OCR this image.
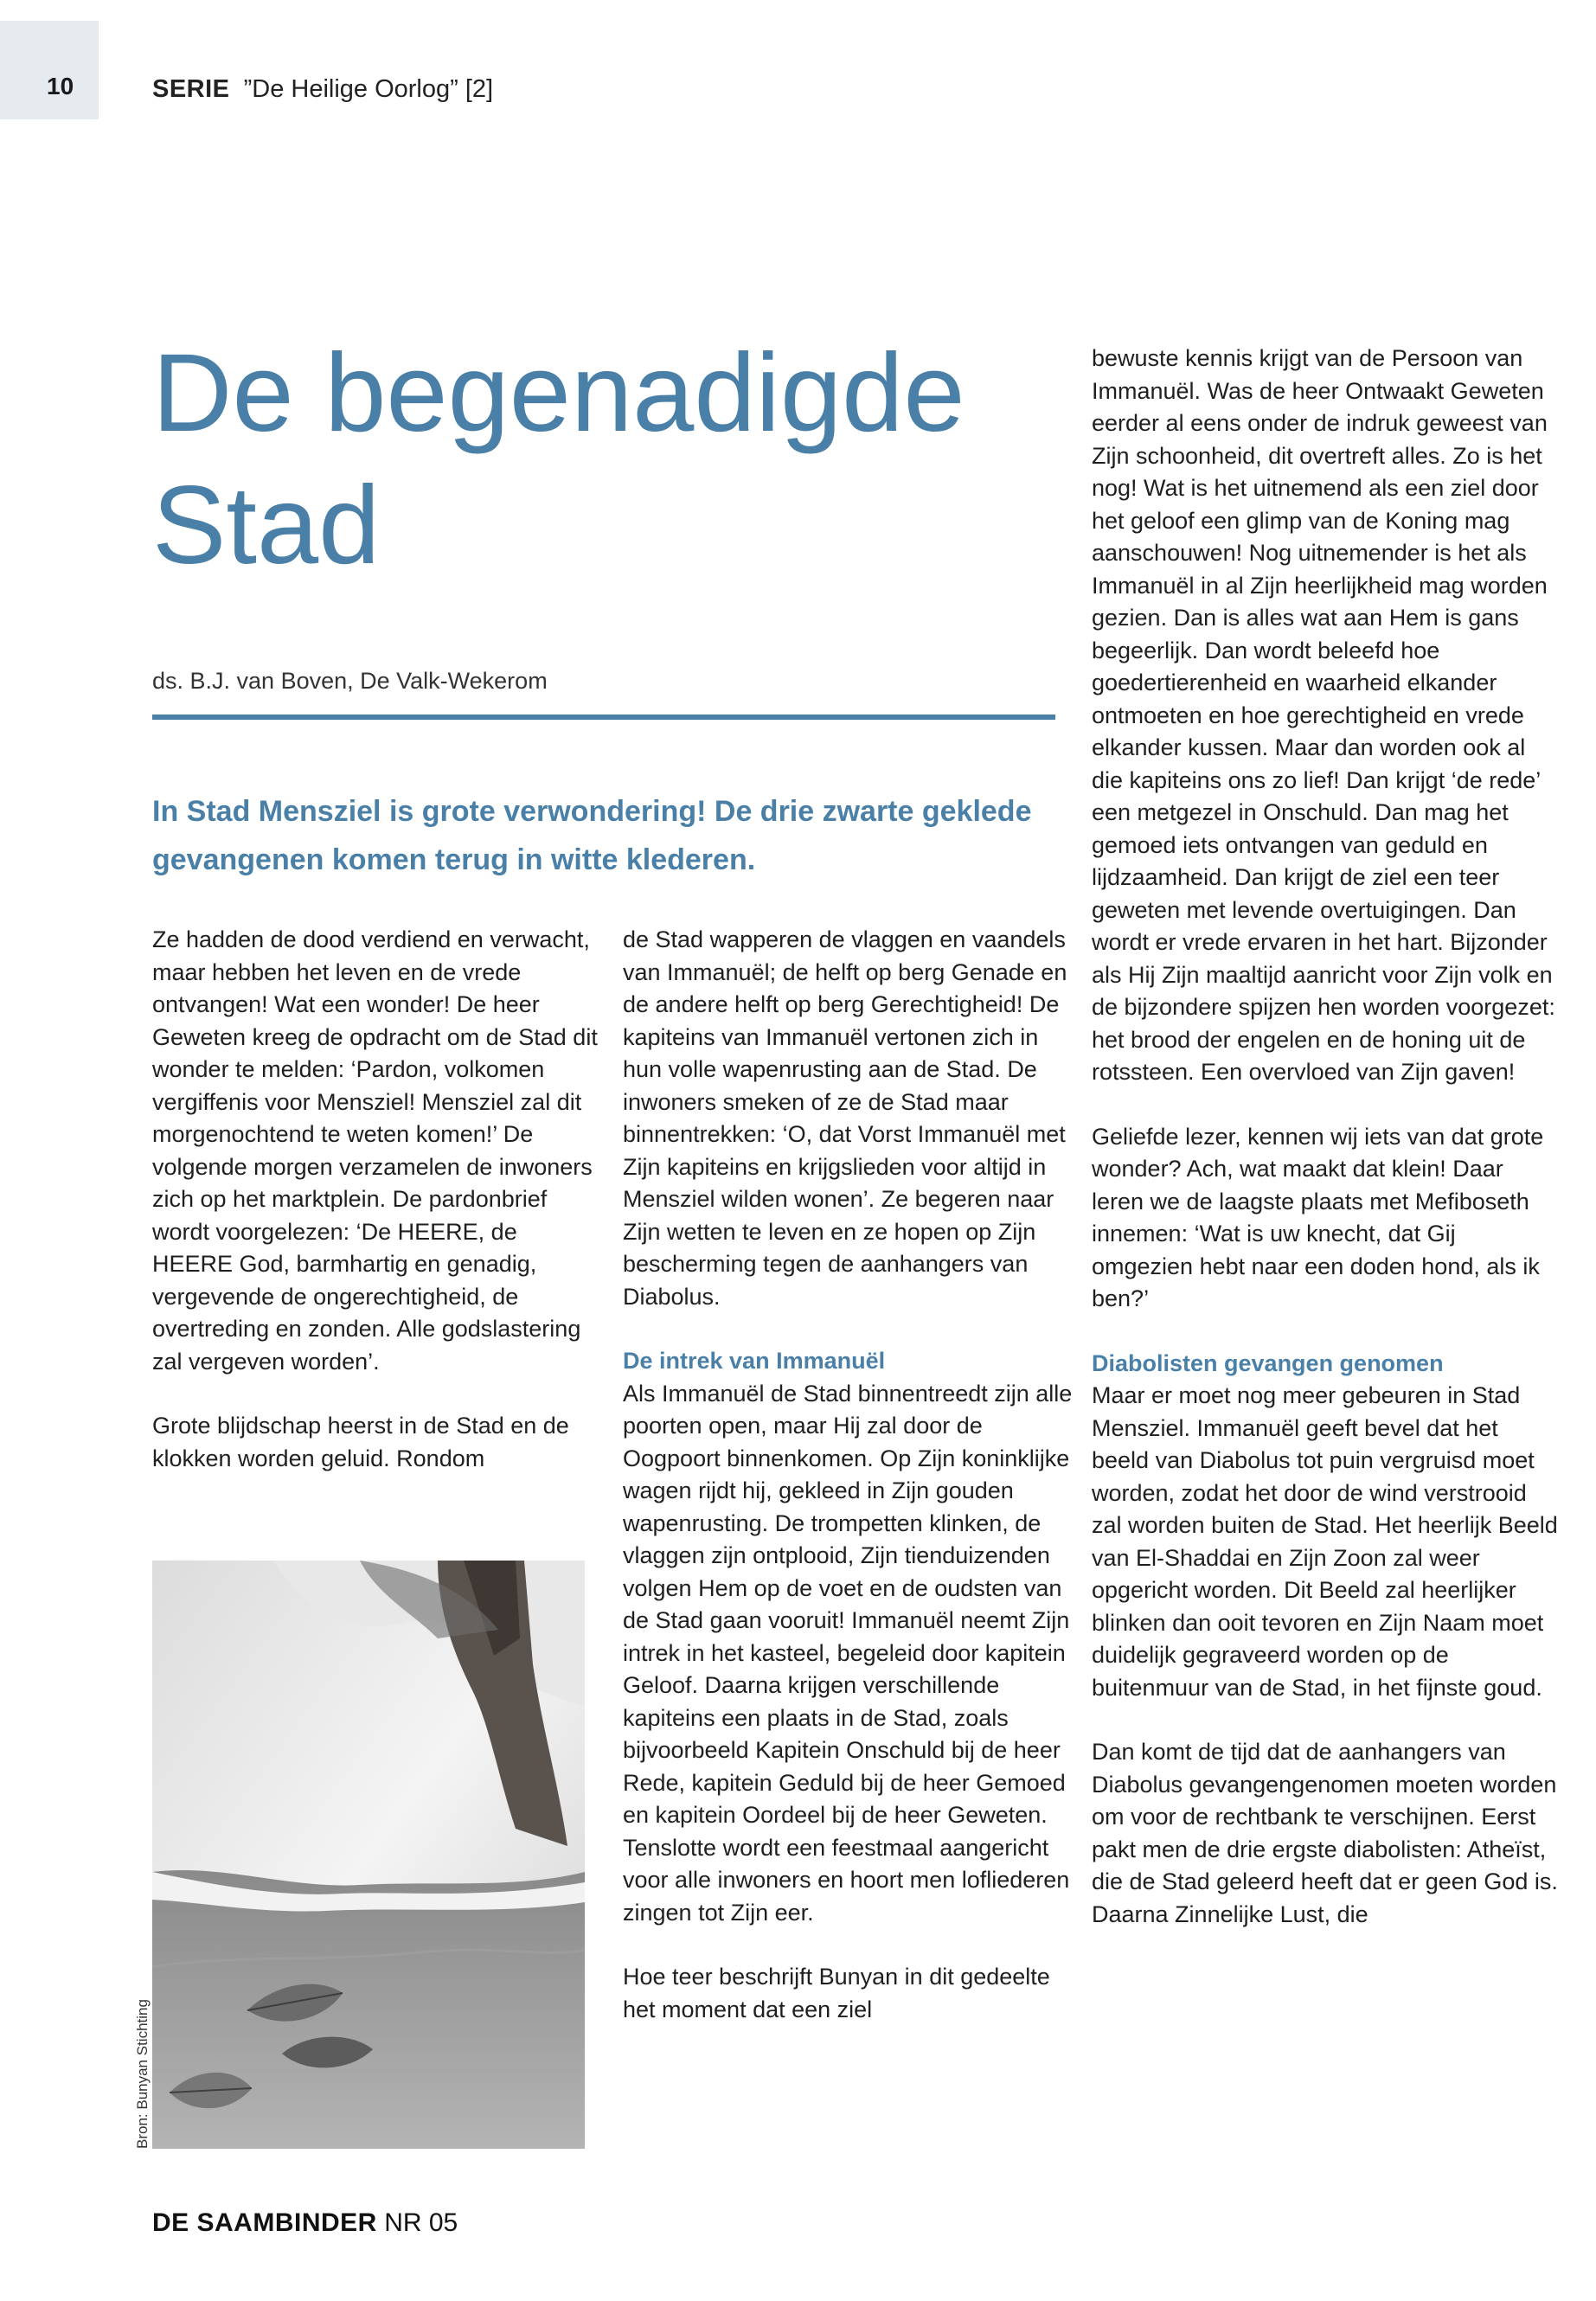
10	SERIE ”De Heilige Oorlog” [2]
De begenadigde
Stad
ds. B.J. van Boven, De Valk-Wekerom
In Stad Mensziel is grote verwondering! De drie zwarte geklede gevangenen komen terug in witte klederen.

Ze hadden de dood verdiend en verwacht, maar hebben het leven en de vrede ontvangen! Wat een wonder! De heer Geweten kreeg de opdracht om de Stad dit wonder te melden: ‘Pardon, volkomen vergiffenis voor Mensziel! Mensziel zal dit morgenochtend te weten komen!’ De volgende morgen verzamelen de inwoners zich op het marktplein. De pardonbrief wordt voorgelezen: ‘De HEERE, de HEERE God, barmhartig en genadig, vergevende de ongerechtigheid, de overtreding en zonden. Alle godslastering zal vergeven worden’.

Grote blijdschap heerst in de Stad en de klokken worden geluid. Rondom

Bron: Bunyan Stichting

de Stad wapperen de vlaggen en vaandels van Immanuël; de helft op berg Genade en de andere helft op berg Gerechtigheid! De kapiteins van Immanuël vertonen zich in hun volle wapenrusting aan de Stad. De inwoners smeken of ze de Stad maar binnentrekken: ‘O, dat Vorst Immanuël met Zijn kapiteins en krijgslieden voor altijd in Mensziel wilden wonen’. Ze begeren naar Zijn wetten te leven en ze hopen op Zijn bescherming tegen de aanhangers van Diabolus.

De intrek van Immanuël

Als Immanuël de Stad binnentreedt zijn alle poorten open, maar Hij zal door de Oogpoort binnenkomen. Op Zijn koninklijke wagen rijdt hij, gekleed in Zijn gouden wapenrusting. De trompetten klinken, de vlaggen zijn ontplooid, Zijn tienduizenden volgen Hem op de voet en de oudsten van de Stad gaan vooruit! Immanuël neemt Zijn intrek in het kasteel, begeleid door kapitein Geloof. Daarna krijgen verschillende kapiteins een plaats in de Stad, zoals bijvoorbeeld Kapitein Onschuld bij de heer Rede, kapitein Geduld bij de heer Gemoed en kapitein Oordeel bij de heer Geweten. Tenslotte wordt een feestmaal aangericht voor alle inwoners en hoort men lofliederen zingen tot Zijn eer.

Hoe teer beschrijft Bunyan in dit gedeelte het moment dat een ziel

bewuste kennis krijgt van de Persoon van Immanuël. Was de heer Ontwaakt Geweten eerder al eens onder de indruk geweest van Zijn schoonheid, dit overtreft alles. Zo is het nog! Wat is het uitnemend als een ziel door het geloof een glimp van de Koning mag aanschouwen! Nog uitnemender is het als Immanuël in al Zijn heerlijkheid mag worden gezien. Dan is alles wat aan Hem is gans begeerlijk. Dan wordt beleefd hoe goedertierenheid en waarheid elkander ontmoeten en hoe gerechtigheid en vrede elkander kussen. Maar dan worden ook al die kapiteins ons zo lief! Dan krijgt ‘de rede’ een metgezel in Onschuld. Dan mag het gemoed iets ontvangen van geduld en lijdzaamheid. Dan krijgt de ziel een teer geweten met levende overtuigingen. Dan wordt er vrede ervaren in het hart. Bijzonder als Hij Zijn maaltijd aanricht voor Zijn volk en de bijzondere spijzen hen worden voorgezet: het brood der engelen en de honing uit de rotssteen. Een overvloed van Zijn gaven!

Geliefde lezer, kennen wij iets van dat grote wonder? Ach, wat maakt dat klein! Daar leren we de laagste plaats met Mefiboseth innemen: ‘Wat is uw knecht, dat Gij omgezien hebt naar een doden hond, als ik ben?’

Diabolisten gevangen genomen

Maar er moet nog meer gebeuren in Stad Mensziel. Immanuël geeft bevel dat het beeld van Diabolus tot puin vergruisd moet worden, zodat het door de wind verstrooid zal worden buiten de Stad. Het heerlijk Beeld van El-Shaddai en Zijn Zoon zal weer opgericht worden. Dit Beeld zal heerlijker blinken dan ooit tevoren en Zijn Naam moet duidelijk gegraveerd worden op de buitenmuur van de Stad, in het fijnste goud.

Dan komt de tijd dat de aanhangers van Diabolus gevangengenomen moeten worden om voor de rechtbank te verschijnen. Eerst pakt men de drie ergste diabolisten: Atheïst, die de Stad geleerd heeft dat er geen God is. Daarna Zinnelijke Lust, die

DE SAAMBINDER NR 05
